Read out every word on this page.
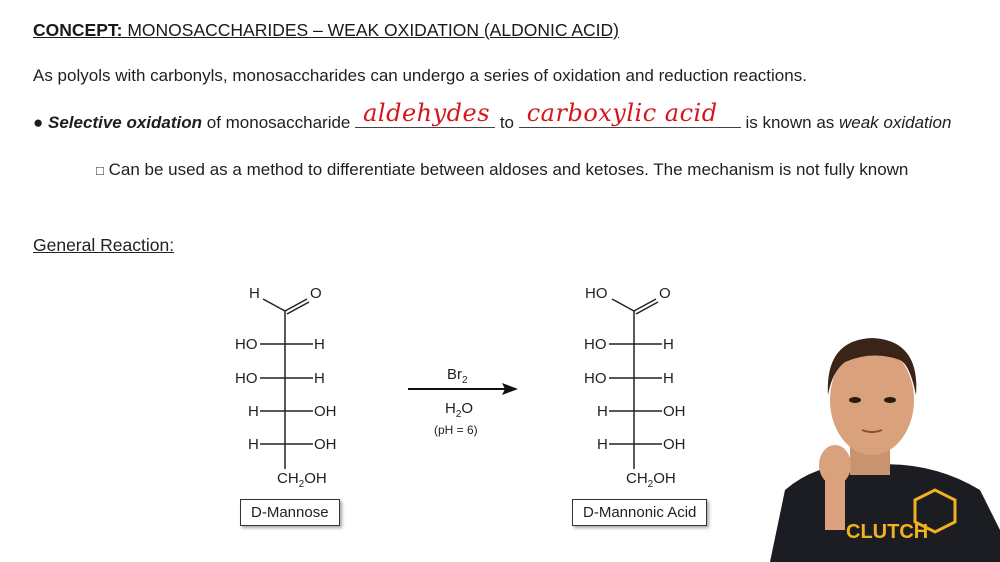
CONCEPT: MONOSACCHARIDES – WEAK OXIDATION (ALDONIC ACID)
As polyols with carbonyls, monosaccharides can undergo a series of oxidation and reduction reactions.
● Selective oxidation of monosaccharide aldehydes to carboxylic acid is known as weak oxidation
□ Can be used as a method to differentiate between aldoses and ketoses. The mechanism is not fully known
General Reaction:
H	O
HO	H
HO	H
H	OH
H	OH
$CH_2OH$
D-Mannose
$Br_2$
$H_2O$
(pH = 6)
HO	O
HO	H
HO	H
H	OH
H	OH
$CH_2OH$
D-Mannonic Acid
CLUTCH
